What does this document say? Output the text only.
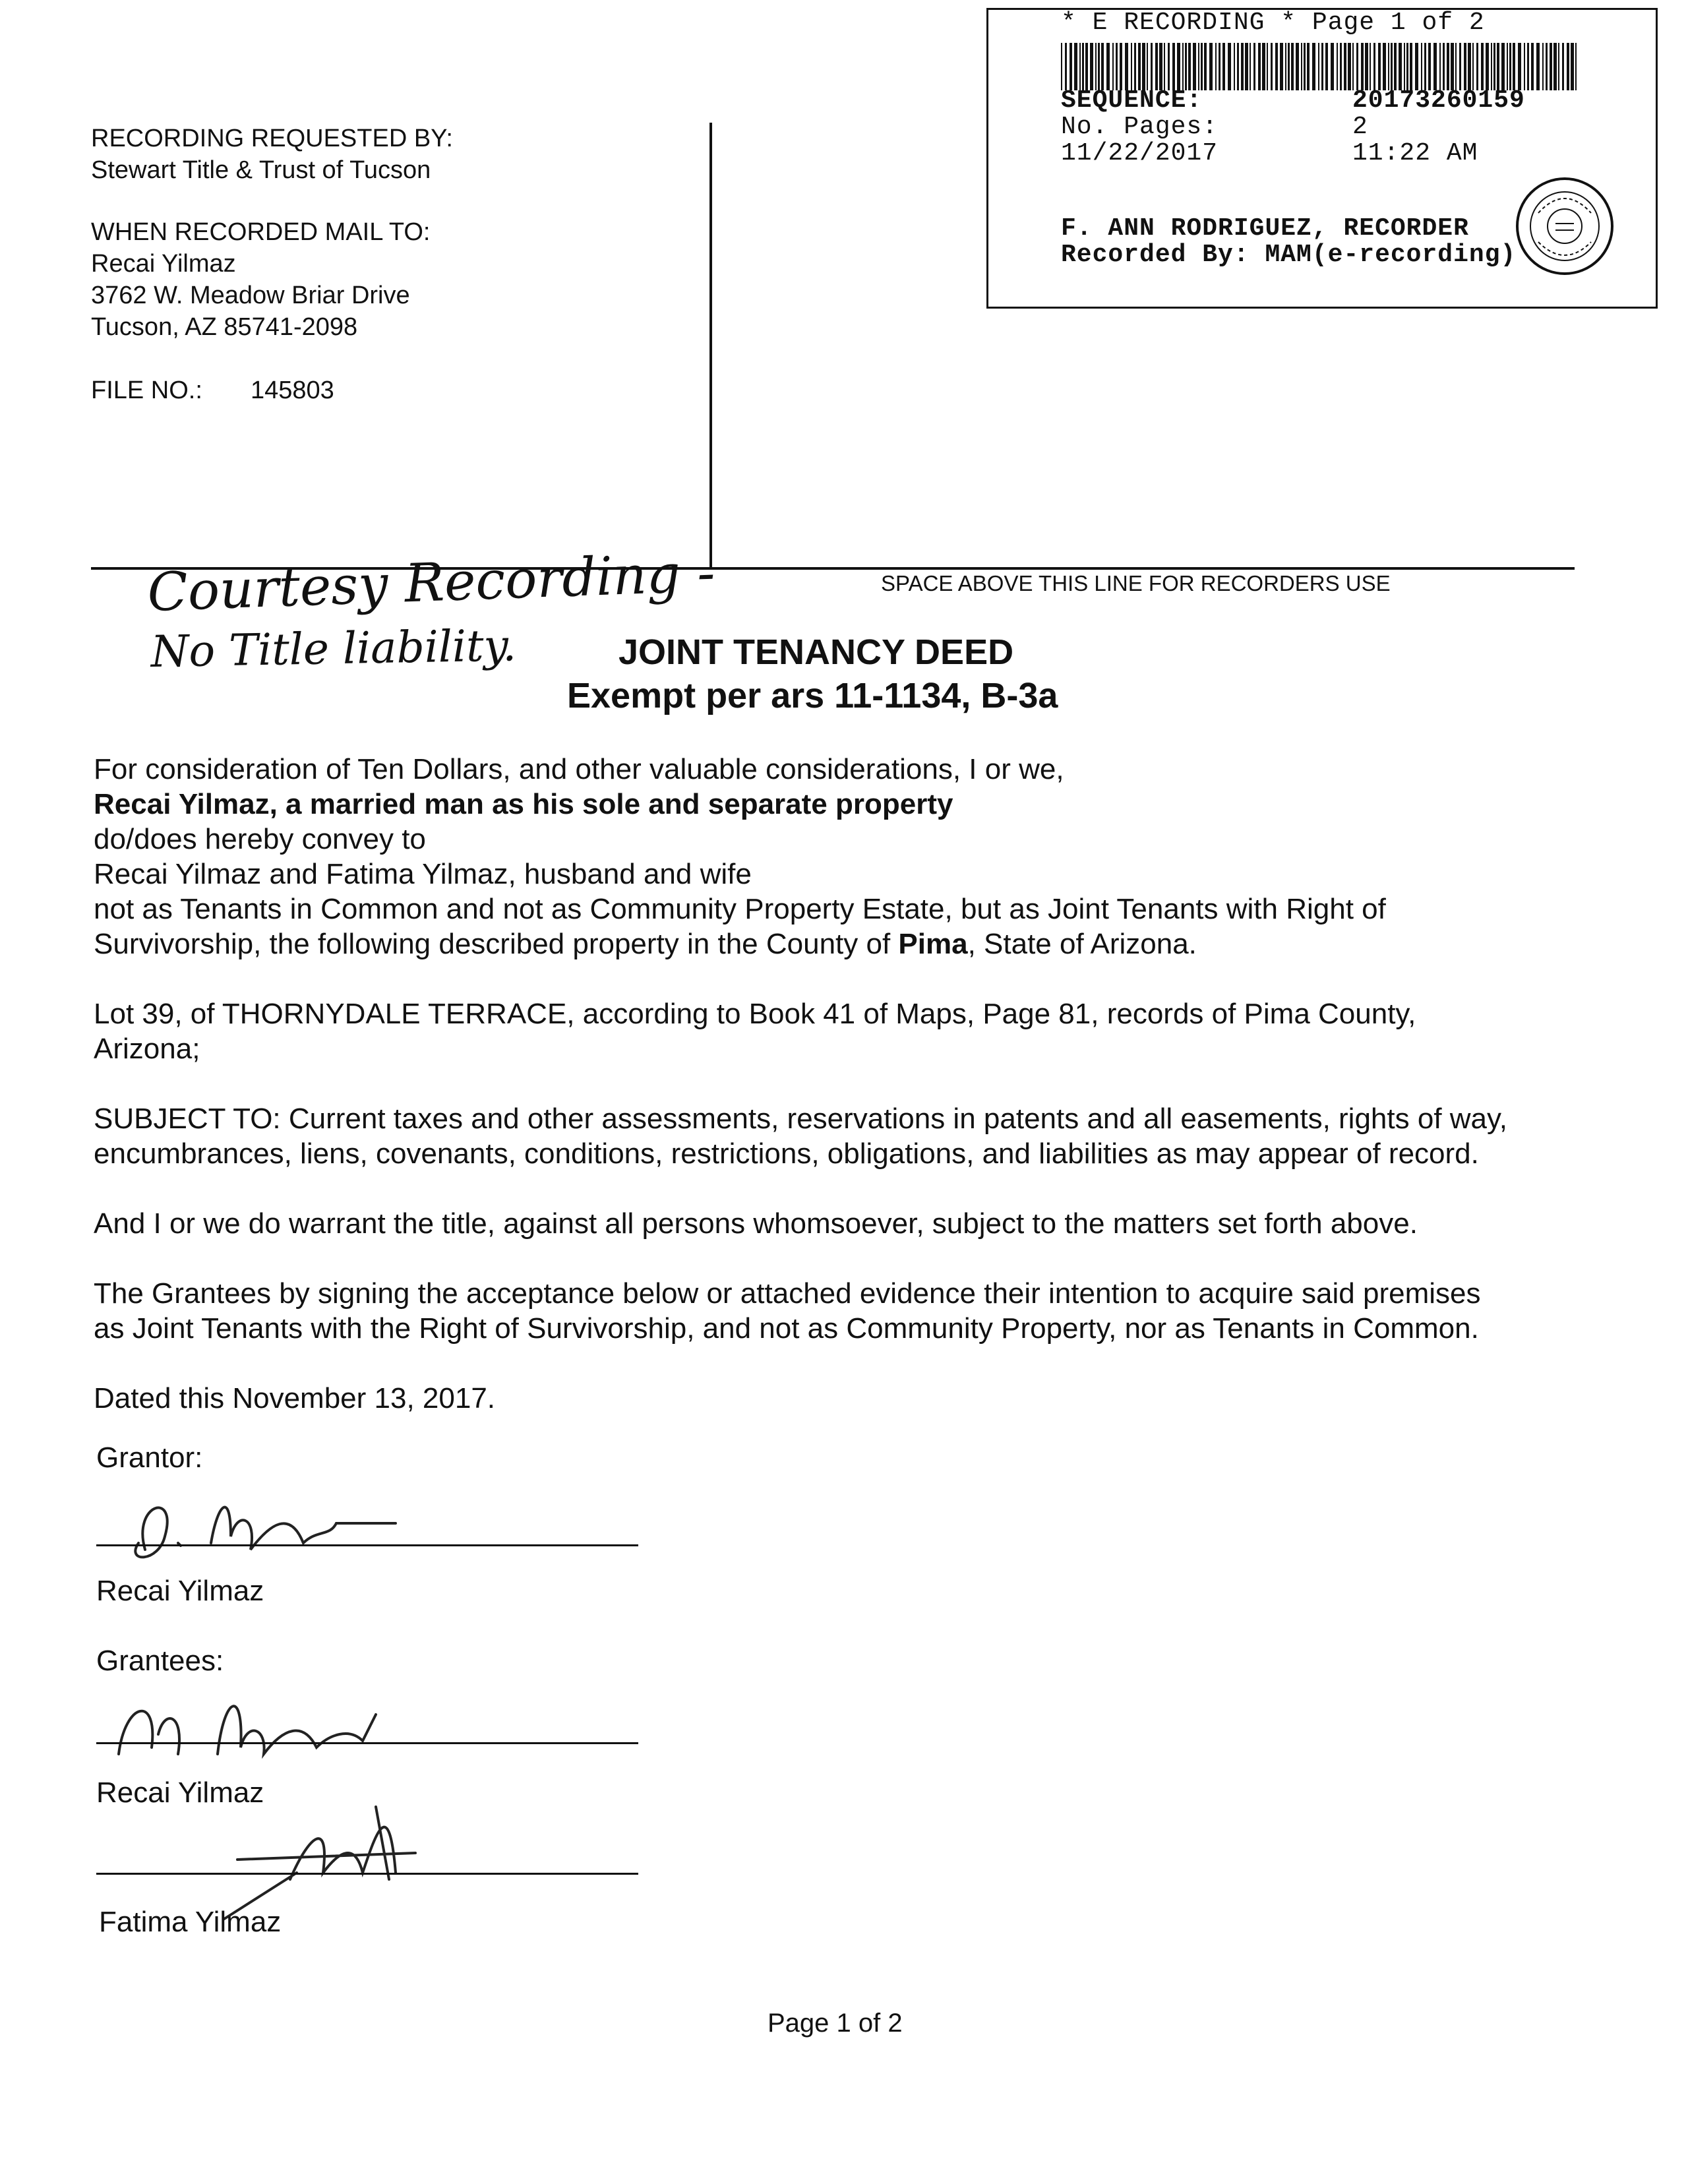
* E RECORDING * Page 1 of 2
SEQUENCE:	20173260159
No. Pages:	2
11/22/2017	11:22 AM
F. ANN RODRIGUEZ, RECORDER
Recorded By: MAM(e-recording)
RECORDING REQUESTED BY:
Stewart Title & Trust of Tucson
WHEN RECORDED MAIL TO:
Recai Yilmaz
3762 W. Meadow Briar Drive
Tucson, AZ 85741-2098
FILE NO.: 145803
SPACE ABOVE THIS LINE FOR RECORDERS USE
Courtesy Recording -
No Title liability.	JOINT TENANCY DEED
Exempt per ars 11-1134, B-3a
For consideration of Ten Dollars, and other valuable considerations, I or we,
Recai Yilmaz, a married man as his sole and separate property
do/does hereby convey to
Recai Yilmaz and Fatima Yilmaz, husband and wife
not as Tenants in Common and not as Community Property Estate, but as Joint Tenants with Right of
Survivorship, the following described property in the County of Pima, State of Arizona.
Lot 39, of THORNYDALE TERRACE, according to Book 41 of Maps, Page 81, records of Pima County,
Arizona;
SUBJECT TO: Current taxes and other assessments, reservations in patents and all easements, rights of way,
encumbrances, liens, covenants, conditions, restrictions, obligations, and liabilities as may appear of record.
And I or we do warrant the title, against all persons whomsoever, subject to the matters set forth above.
The Grantees by signing the acceptance below or attached evidence their intention to acquire said premises
as Joint Tenants with the Right of Survivorship, and not as Community Property, nor as Tenants in Common.
Dated this November 13, 2017.
Grantor:
Recai Yilmaz
Grantees:
Recai Yilmaz
Fatima Yilmaz
Page 1 of 2
